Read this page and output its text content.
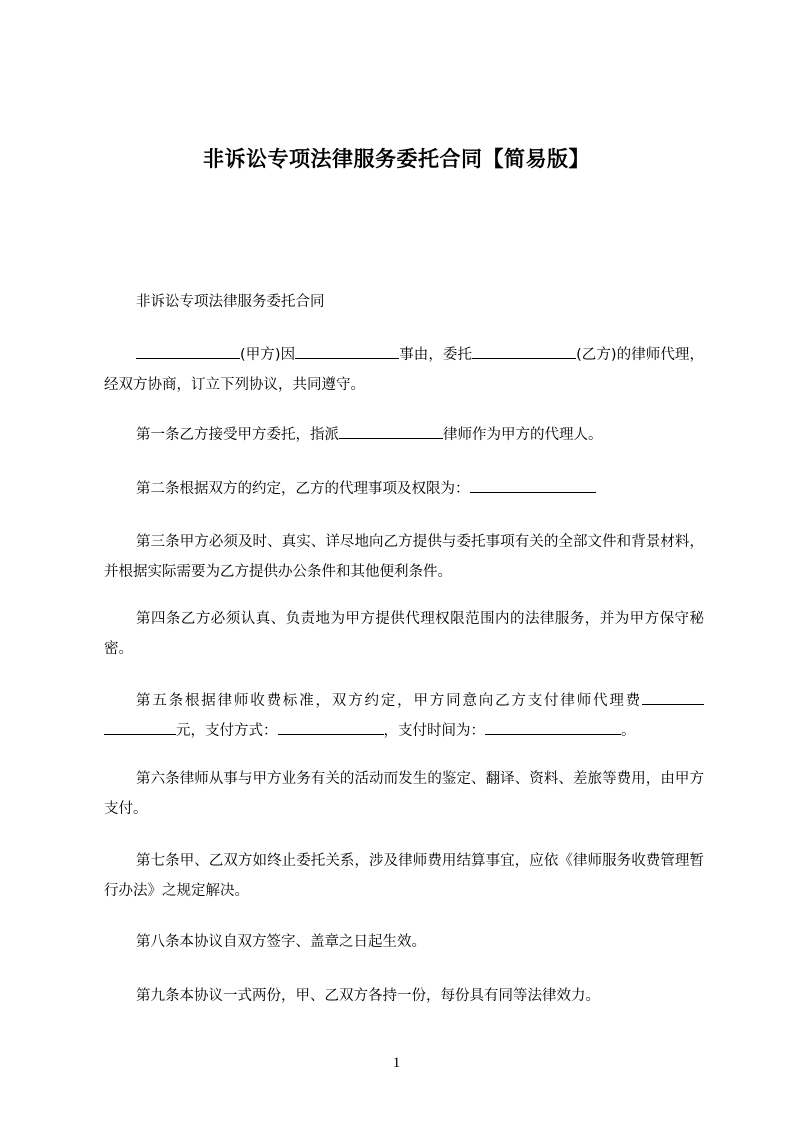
非诉讼专项法律服务委托合同【简易版】

非诉讼专项法律服务委托合同

(甲方)因	事由，委托	(乙方)的律师代理，经双方协商，订立下列协议，共同遵守。

第一条乙方接受甲方委托，指派	律师作为甲方的代理人。

第二条根据双方的约定，乙方的代理事项及权限为：

第三条甲方必须及时、真实、详尽地向乙方提供与委托事项有关的全部文件和背景材料，并根据实际需要为乙方提供办公条件和其他便利条件。

第四条乙方必须认真、负责地为甲方提供代理权限范围内的法律服务，并为甲方保守秘密。

第五条根据律师收费标准，双方约定，甲方同意向乙方支付律师代理费元，支付方式：	，支付时间为：	。

第六条律师从事与甲方业务有关的活动而发生的鉴定、翻译、资料、差旅等费用，由甲方支付。

第七条甲、乙双方如终止委托关系，涉及律师费用结算事宜，应依《律师服务收费管理暂行办法》之规定解决。

第八条本协议自双方签字、盖章之日起生效。

第九条本协议一式两份，甲、乙双方各持一份，每份具有同等法律效力。

1
